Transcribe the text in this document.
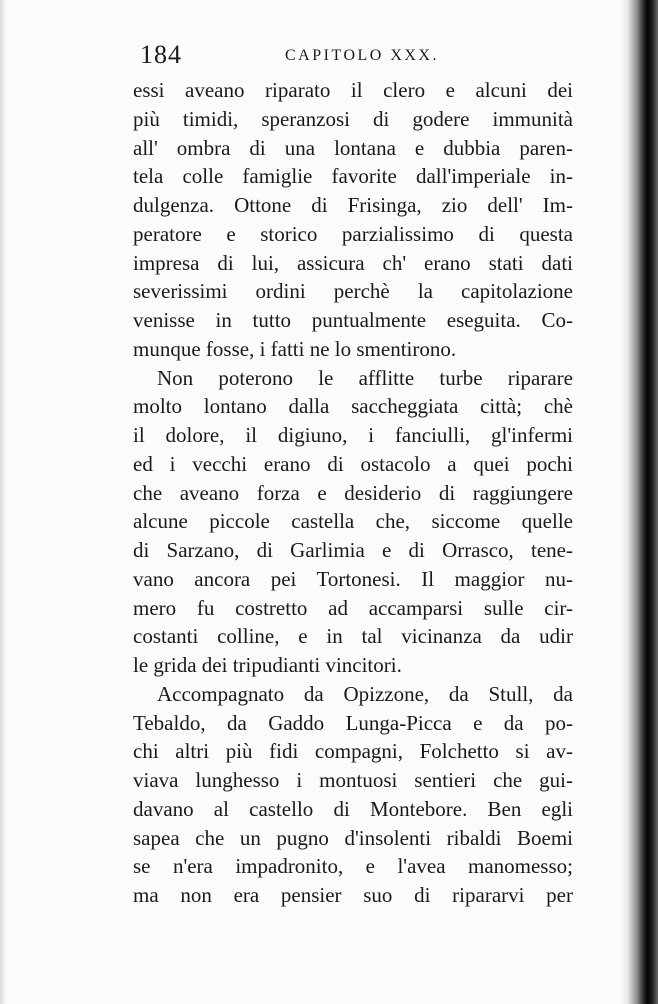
184	CAPITOLO XXX.
essi aveano riparato il clero e alcuni dei
più timidi, speranzosi di godere immunità
all' ombra di una lontana e dubbia paren-
tela colle famiglie favorite dall'imperiale in-
dulgenza. Ottone di Frisinga, zio dell' Im-
peratore e storico parzialissimo di questa
impresa di lui, assicura ch' erano stati dati
severissimi ordini perchè la capitolazione
venisse in tutto puntualmente eseguita. Co-
munque fosse, i fatti ne lo smentirono.
Non poterono le afflitte turbe riparare
molto lontano dalla saccheggiata città; chè
il dolore, il digiuno, i fanciulli, gl'infermi
ed i vecchi erano di ostacolo a quei pochi
che aveano forza e desiderio di raggiungere
alcune piccole castella che, siccome quelle
di Sarzano, di Garlimia e di Orrasco, tene-
vano ancora pei Tortonesi. Il maggior nu-
mero fu costretto ad accamparsi sulle cir-
costanti colline, e in tal vicinanza da udir
le grida dei tripudianti vincitori.
Accompagnato da Opizzone, da Stull, da
Tebaldo, da Gaddo Lunga-Picca e da po-
chi altri più fidi compagni, Folchetto si av-
viava lunghesso i montuosi sentieri che gui-
davano al castello di Montebore. Ben egli
sapea che un pugno d'insolenti ribaldi Boemi
se n'era impadronito, e l'avea manomesso;
ma non era pensier suo di ripararvi per
